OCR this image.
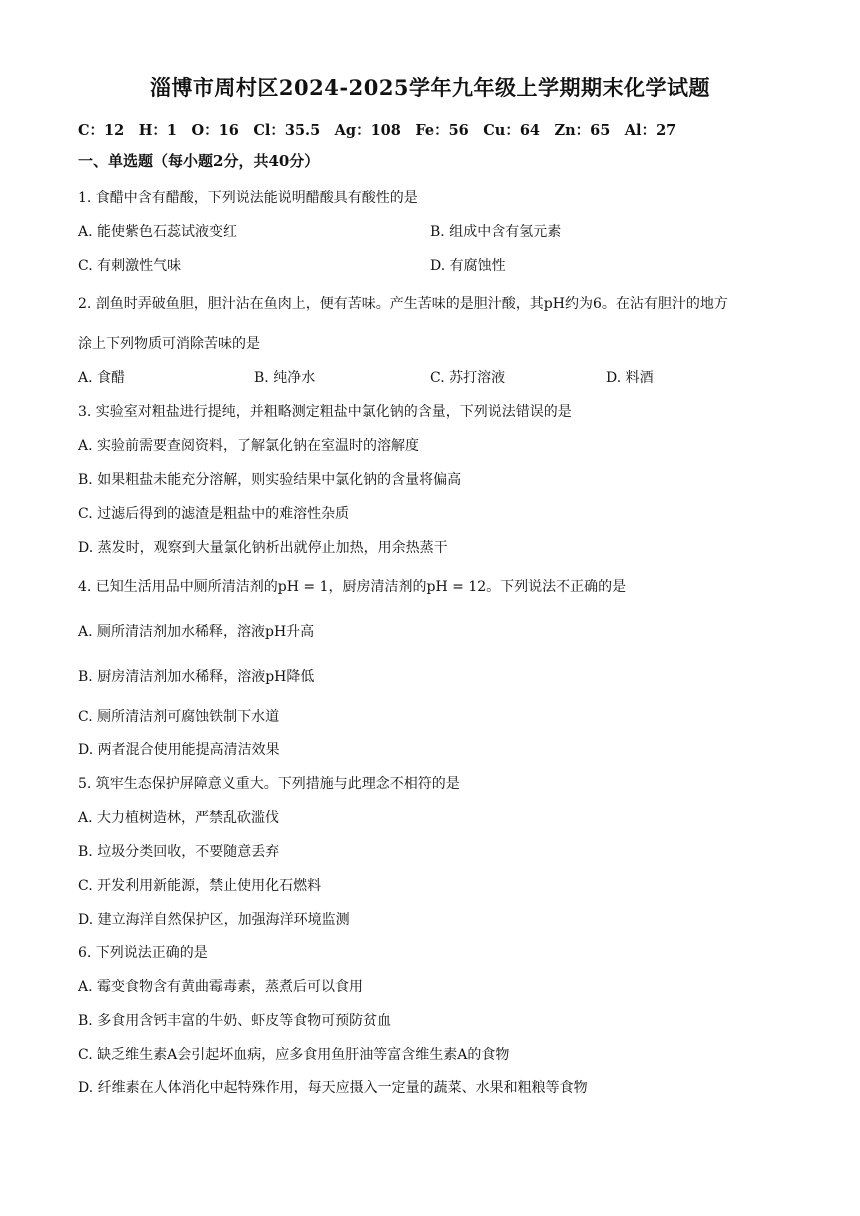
淄博市周村区2024-2025学年九年级上学期期末化学试题
C：12　H：1　O：16　Cl：35.5　Ag：108　Fe：56　Cu：64　Zn：65　Al：27
一、单选题（每小题2分，共40分）
1. 食醋中含有醋酸，下列说法能说明醋酸具有酸性的是
A. 能使紫色石蕊试液变红	B. 组成中含有氢元素
C. 有刺激性气味	D. 有腐蚀性
2. 剖鱼时弄破鱼胆，胆汁沾在鱼肉上，便有苦味。产生苦味的是胆汁酸，其pH约为6。在沾有胆汁的地方
涂上下列物质可消除苦味的是
A. 食醋	B. 纯净水	C. 苏打溶液	D. 料酒
3. 实验室对粗盐进行提纯，并粗略测定粗盐中氯化钠的含量，下列说法错误的是
A. 实验前需要查阅资料，了解氯化钠在室温时的溶解度
B. 如果粗盐未能充分溶解，则实验结果中氯化钠的含量将偏高
C. 过滤后得到的滤渣是粗盐中的难溶性杂质
D. 蒸发时，观察到大量氯化钠析出就停止加热，用余热蒸干
4. 已知生活用品中厕所清洁剂的pH = 1，厨房清洁剂的pH = 12。下列说法不正确的是
A. 厕所清洁剂加水稀释，溶液pH升高
B. 厨房清洁剂加水稀释，溶液pH降低
C. 厕所清洁剂可腐蚀铁制下水道
D. 两者混合使用能提高清洁效果
5. 筑牢生态保护屏障意义重大。下列措施与此理念不相符的是
A. 大力植树造林，严禁乱砍滥伐
B. 垃圾分类回收，不要随意丢弃
C. 开发利用新能源，禁止使用化石燃料
D. 建立海洋自然保护区，加强海洋环境监测
6. 下列说法正确的是
A. 霉变食物含有黄曲霉毒素，蒸煮后可以食用
B. 多食用含钙丰富的牛奶、虾皮等食物可预防贫血
C. 缺乏维生素A会引起坏血病，应多食用鱼肝油等富含维生素A的食物
D. 纤维素在人体消化中起特殊作用，每天应摄入一定量的蔬菜、水果和粗粮等食物
